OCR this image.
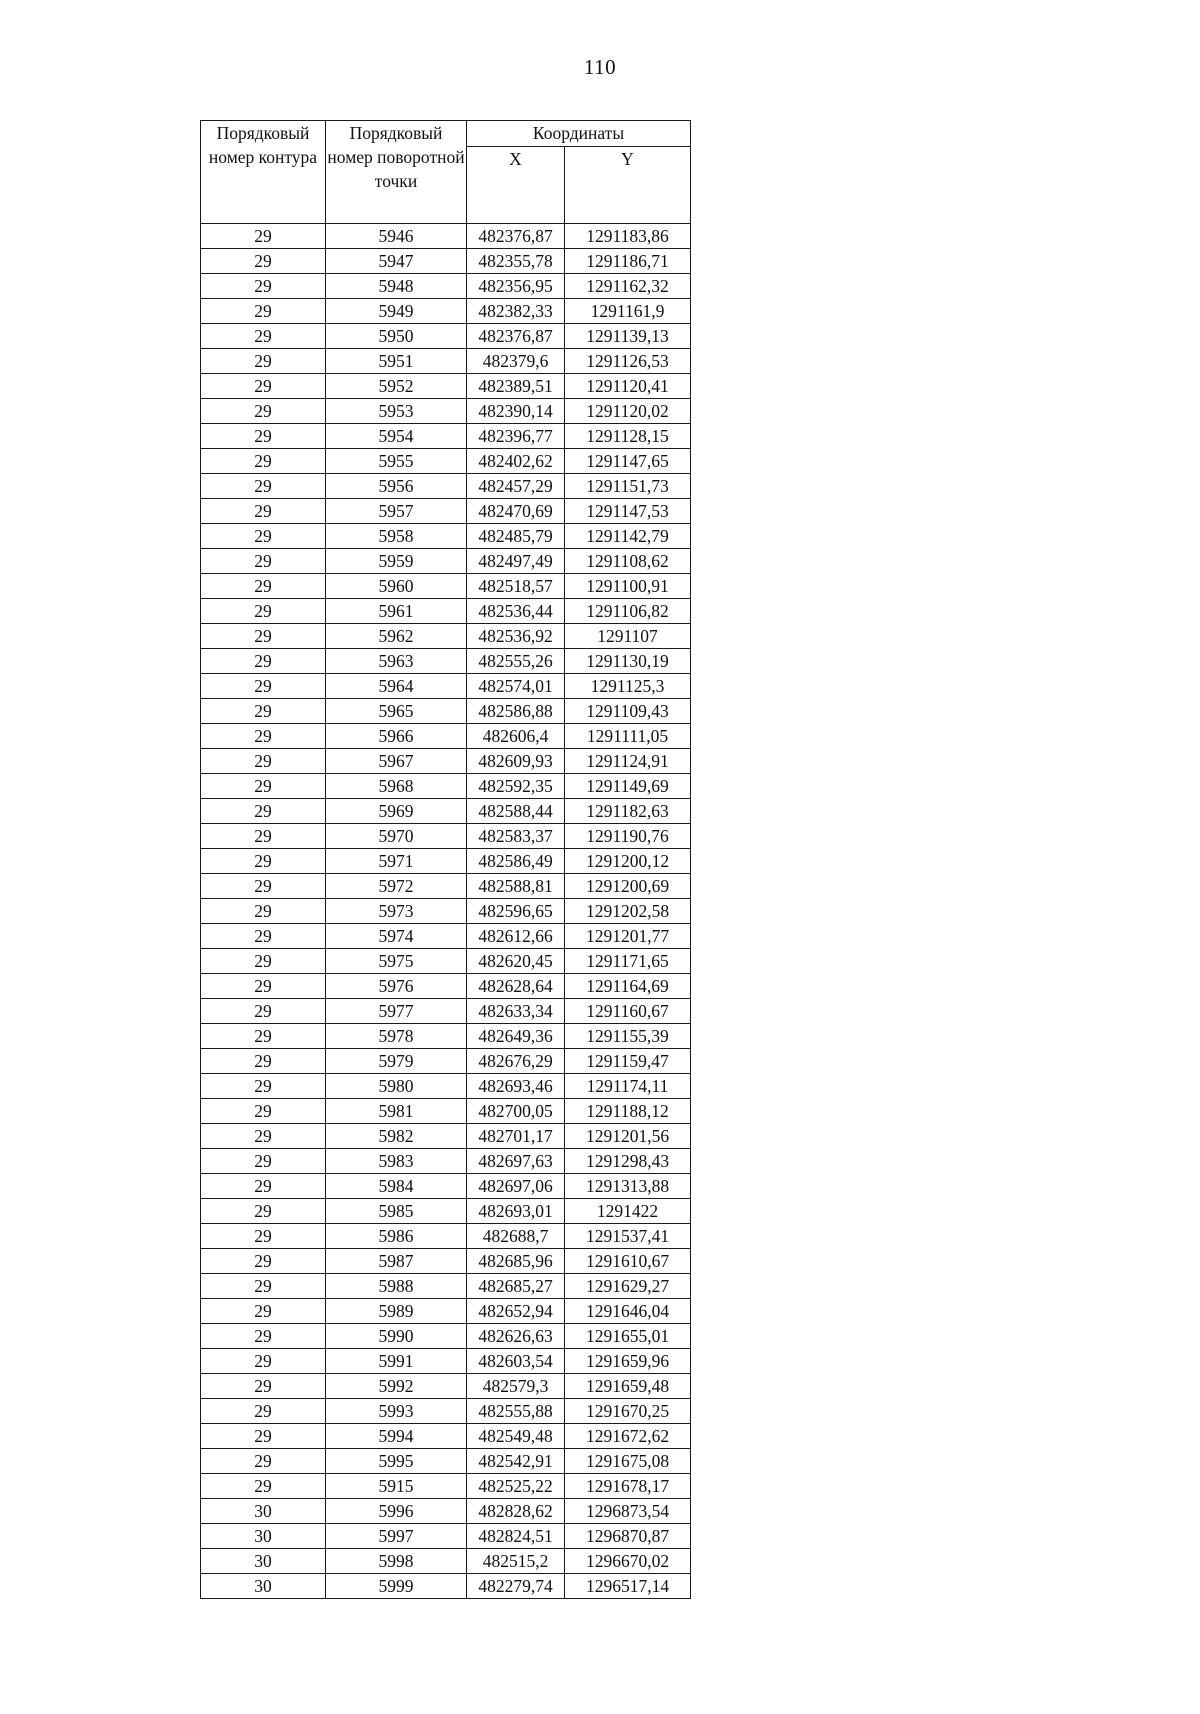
110
Порядковый номер контура	Порядковый номер поворотной точки	Координаты	
		X	Y
29	5946	482376,87	1291183,86
29	5947	482355,78	1291186,71
29	5948	482356,95	1291162,32
29	5949	482382,33	1291161,9
29	5950	482376,87	1291139,13
29	5951	482379,6	1291126,53
29	5952	482389,51	1291120,41
29	5953	482390,14	1291120,02
29	5954	482396,77	1291128,15
29	5955	482402,62	1291147,65
29	5956	482457,29	1291151,73
29	5957	482470,69	1291147,53
29	5958	482485,79	1291142,79
29	5959	482497,49	1291108,62
29	5960	482518,57	1291100,91
29	5961	482536,44	1291106,82
29	5962	482536,92	1291107
29	5963	482555,26	1291130,19
29	5964	482574,01	1291125,3
29	5965	482586,88	1291109,43
29	5966	482606,4	1291111,05
29	5967	482609,93	1291124,91
29	5968	482592,35	1291149,69
29	5969	482588,44	1291182,63
29	5970	482583,37	1291190,76
29	5971	482586,49	1291200,12
29	5972	482588,81	1291200,69
29	5973	482596,65	1291202,58
29	5974	482612,66	1291201,77
29	5975	482620,45	1291171,65
29	5976	482628,64	1291164,69
29	5977	482633,34	1291160,67
29	5978	482649,36	1291155,39
29	5979	482676,29	1291159,47
29	5980	482693,46	1291174,11
29	5981	482700,05	1291188,12
29	5982	482701,17	1291201,56
29	5983	482697,63	1291298,43
29	5984	482697,06	1291313,88
29	5985	482693,01	1291422
29	5986	482688,7	1291537,41
29	5987	482685,96	1291610,67
29	5988	482685,27	1291629,27
29	5989	482652,94	1291646,04
29	5990	482626,63	1291655,01
29	5991	482603,54	1291659,96
29	5992	482579,3	1291659,48
29	5993	482555,88	1291670,25
29	5994	482549,48	1291672,62
29	5995	482542,91	1291675,08
29	5915	482525,22	1291678,17
30	5996	482828,62	1296873,54
30	5997	482824,51	1296870,87
30	5998	482515,2	1296670,02
30	5999	482279,74	1296517,14
